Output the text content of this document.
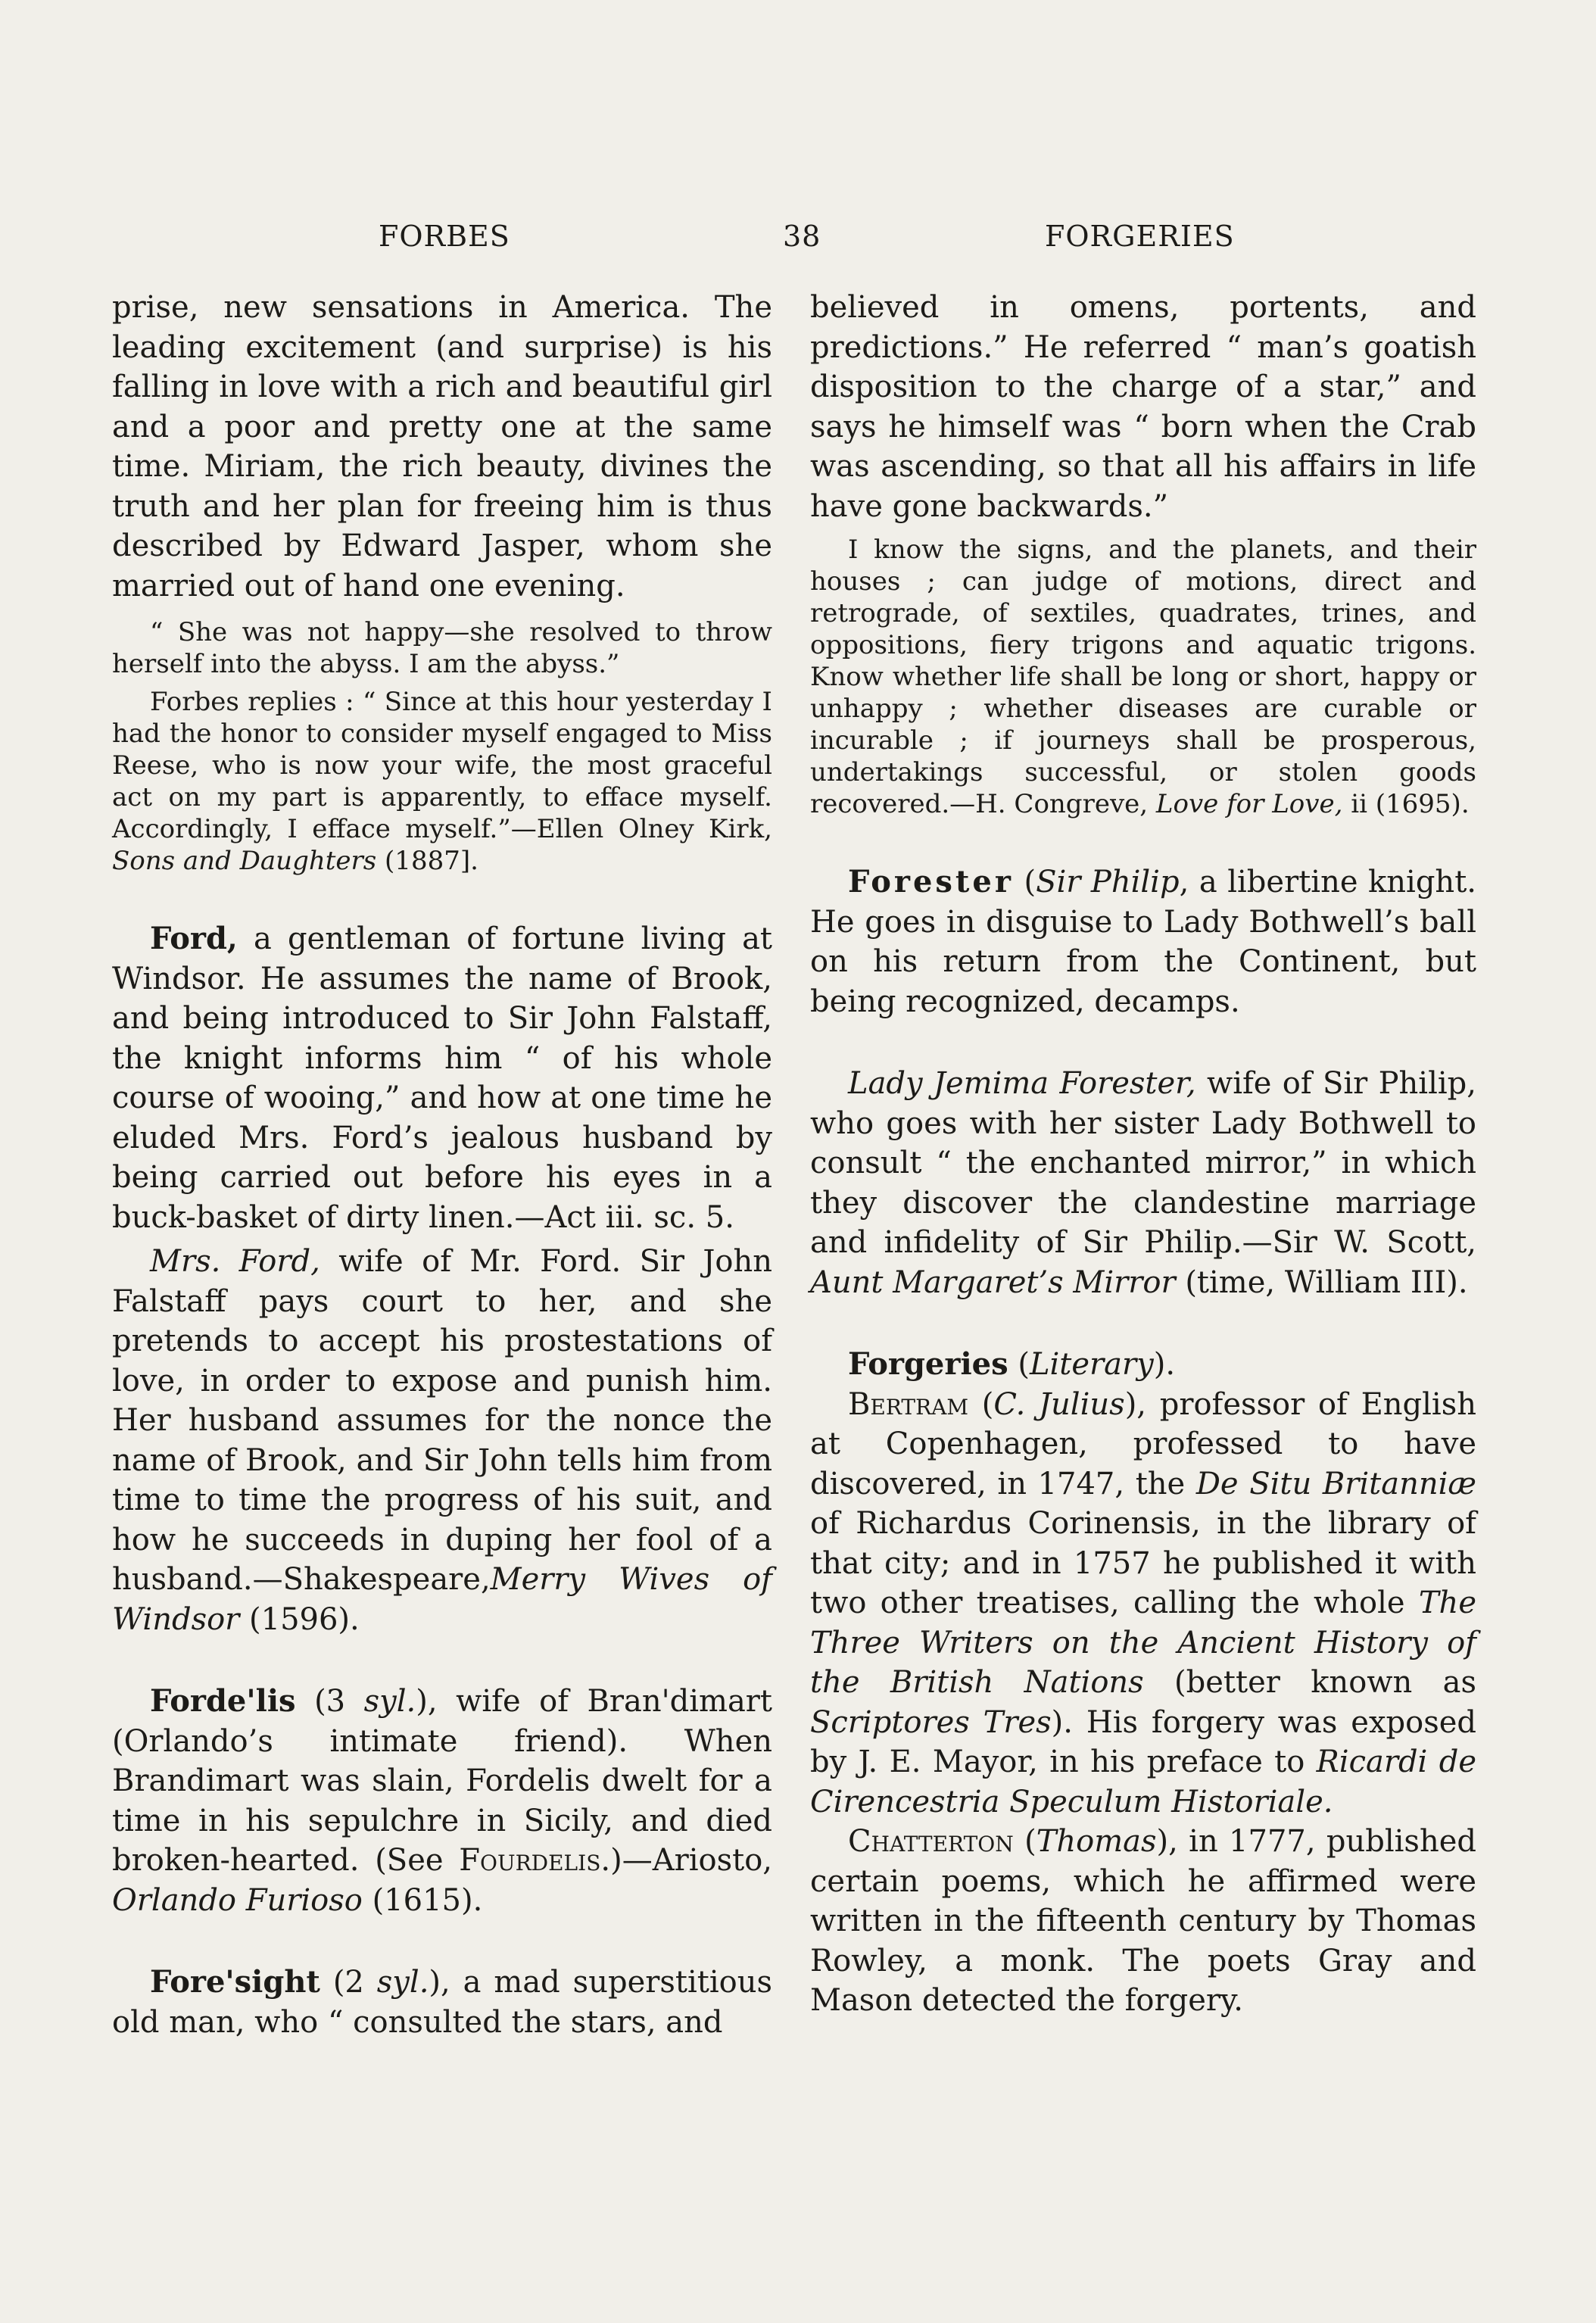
FORBES	38	FORGERIES

prise, new sensations in America. The leading excitement (and surprise) is his falling in love with a rich and beautiful girl and a poor and pretty one at the same time. Miriam, the rich beauty, divines the truth and her plan for freeing him is thus described by Edward Jasper, whom she married out of hand one evening.

“ She was not happy—she resolved to throw herself into the abyss. I am the abyss.”

Forbes replies : “ Since at this hour yesterday I had the honor to consider myself engaged to Miss Reese, who is now your wife, the most graceful act on my part is apparently, to efface myself. Accordingly, I efface myself.”—Ellen Olney Kirk, Sons and Daughters (1887].

Ford, a gentleman of fortune living at Windsor. He assumes the name of Brook, and being introduced to Sir John Falstaff, the knight informs him “ of his whole course of wooing,” and how at one time he eluded Mrs. Ford’s jealous husband by being carried out before his eyes in a buck-basket of dirty linen.—Act iii. sc. 5.

Mrs. Ford, wife of Mr. Ford. Sir John Falstaff pays court to her, and she pretends to accept his prostestations of love, in order to expose and punish him. Her husband assumes for the nonce the name of Brook, and Sir John tells him from time to time the progress of his suit, and how he succeeds in duping her fool of a husband.—Shakespeare,Merry Wives of Windsor (1596).

Forde'lis (3 syl.), wife of Bran'dimart (Orlando’s intimate friend). When Brandimart was slain, Fordelis dwelt for a time in his sepulchre in Sicily, and died broken-hearted. (See Fourdelis.)—Ariosto, Orlando Furioso (1615).

Fore'sight (2 syl.), a mad superstitious old man, who “ consulted the stars, and

believed in omens, portents, and predictions.” He referred “ man’s goatish disposition to the charge of a star,” and says he himself was “ born when the Crab was ascending, so that all his affairs in life have gone backwards.”

I know the signs, and the planets, and their houses ; can judge of motions, direct and retrograde, of sextiles, quadrates, trines, and oppositions, fiery trigons and aquatic trigons. Know whether life shall be long or short, happy or unhappy ; whether diseases are curable or incurable ; if journeys shall be prosperous, undertakings successful, or stolen goods recovered.—H. Congreve, Love for Love, ii (1695).

Forester (Sir Philip, a libertine knight. He goes in disguise to Lady Bothwell’s ball on his return from the Continent, but being recognized, decamps.

Lady Jemima Forester, wife of Sir Philip, who goes with her sister Lady Bothwell to consult “ the enchanted mirror,” in which they discover the clandestine marriage and infidelity of Sir Philip.—Sir W. Scott, Aunt Margaret’s Mirror (time, William III).

Forgeries (Literary).

Bertram (C. Julius), professor of English at Copenhagen, professed to have discovered, in 1747, the De Situ Britanniæ of Richardus Corinensis, in the library of that city; and in 1757 he published it with two other treatises, calling the whole The Three Writers on the Ancient History of the British Nations (better known as Scriptores Tres). His forgery was exposed by J. E. Mayor, in his preface to Ricardi de Cirencestria Speculum Historiale.

Chatterton (Thomas), in 1777, published certain poems, which he affirmed were written in the fifteenth century by Thomas Rowley, a monk. The poets Gray and Mason detected the forgery.
